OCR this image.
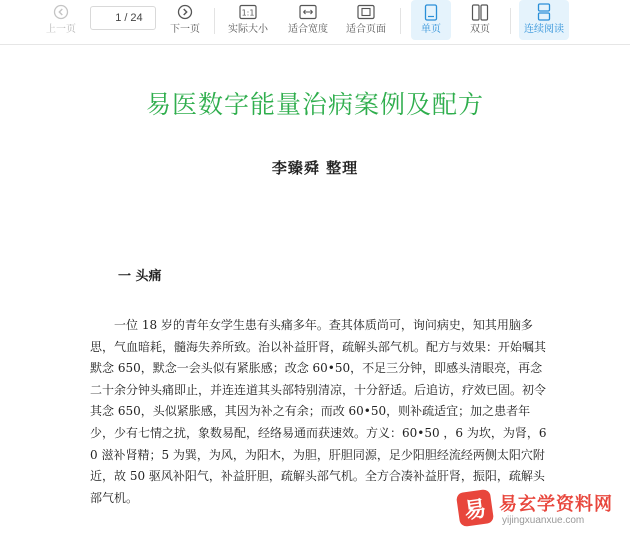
上一页
1
/ 24
下一页
1:1
实际大小 适合宽度 适合页面	单页	双页	连续阅读
易医数字能量治病案例及配方
李臻舜 整理
一 头痛

一位 18 岁的青年女学生患有头痛多年。查其体质尚可，询问病史，知其用脑多思，气血暗耗，髓海失养所致。治以补益肝肾，疏解头部气机。配方与效果：开始嘱其默念 650，默念一会头似有紧胀感；改念 60•50，不足三分钟，即感头清眼亮，再念二十余分钟头痛即止，并连连道其头部特别清凉，十分舒适。后追访，疗效已固。初令其念 650，头似紧胀感，其因为补之有余；而改 60•50，则补疏适宜；加之患者年少，少有七情之扰，象数易配，经络易通而获速效。方义：60•50 ，6 为坎，为肾，60 滋补肾精；5 为巽，为风，为阳木，为胆，肝胆同源，足少阳胆经流经两侧太阳穴附近，故 50 驱风补阳气，补益肝胆，疏解头部气机。全方合凑补益肝肾，振阳，疏解头部气机。	易 易玄学资料网
yijingxuanxue.com
